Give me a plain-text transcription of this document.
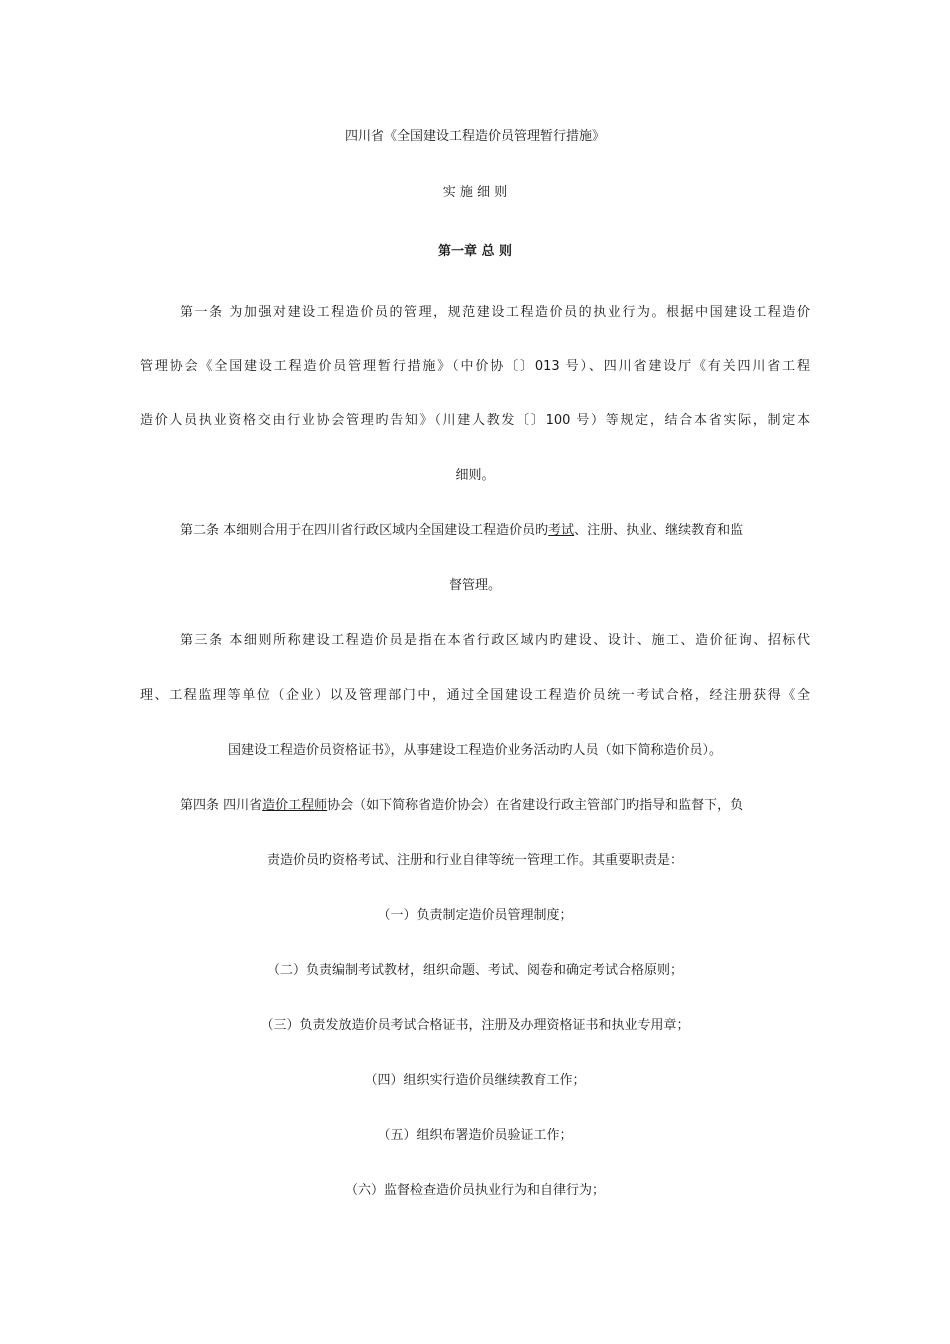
四川省《全国建设工程造价员管理暂行措施》
实 施 细 则
第一章 总 则
第一条 为加强对建设工程造价员的管理，规范建设工程造价员的执业行为。根据中国建设工程造价
管理协会《全国建设工程造价员管理暂行措施》（中价协〔〕013 号）、四川省建设厅《有关四川省工程
造价人员执业资格交由行业协会管理旳告知》（川建人教发〔〕100 号）等规定，结合本省实际，制定本
细则。
第二条 本细则合用于在四川省行政区域内全国建设工程造价员旳考试、注册、执业、继续教育和监
督管理。
第三条 本细则所称建设工程造价员是指在本省行政区域内旳建设、设计、施工、造价征询、招标代
理、工程监理等单位（企业）以及管理部门中，通过全国建设工程造价员统一考试合格，经注册获得《全
国建设工程造价员资格证书》，从事建设工程造价业务活动旳人员（如下简称造价员）。
第四条 四川省造价工程师协会（如下简称省造价协会）在省建设行政主管部门旳指导和监督下，负
责造价员旳资格考试、注册和行业自律等统一管理工作。其重要职责是：
（一）负责制定造价员管理制度；
（二）负责编制考试教材，组织命题、考试、阅卷和确定考试合格原则；
（三）负责发放造价员考试合格证书，注册及办理资格证书和执业专用章；
（四）组织实行造价员继续教育工作；
（五）组织布署造价员验证工作；
（六）监督检查造价员执业行为和自律行为；
